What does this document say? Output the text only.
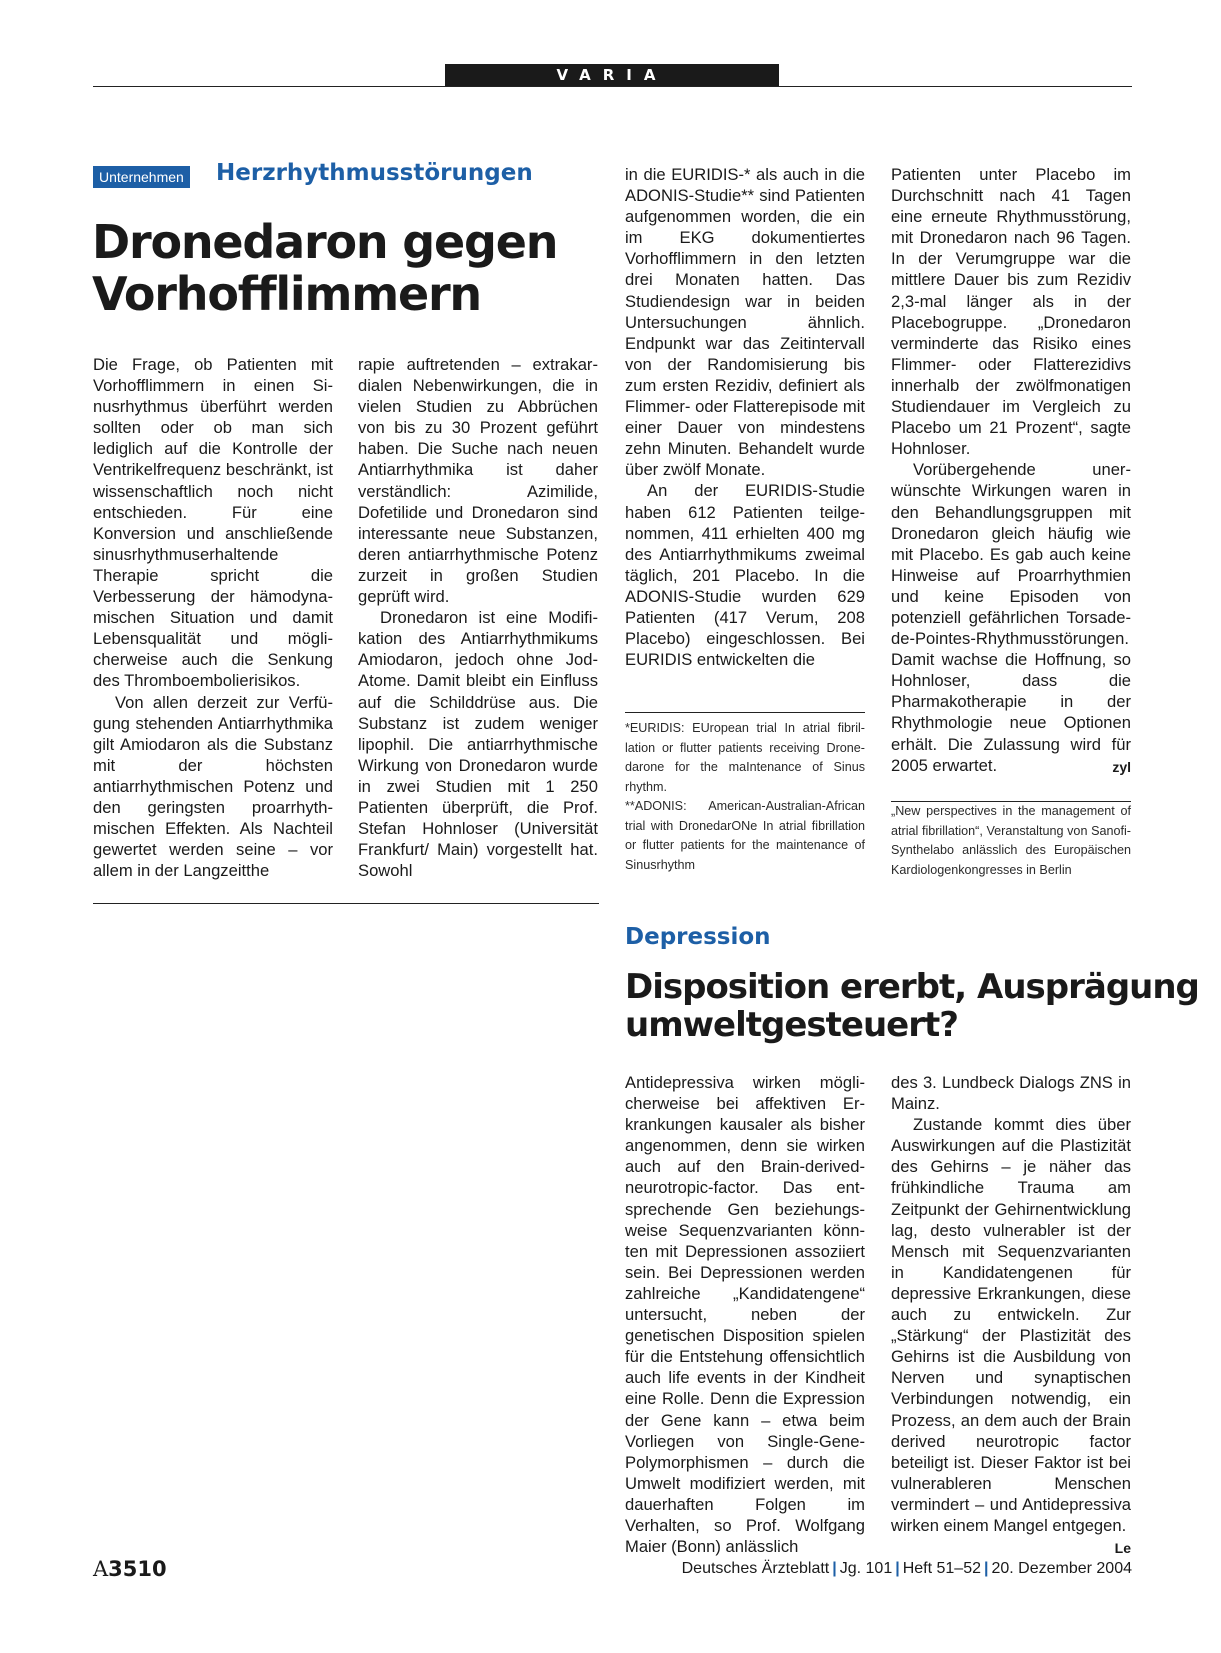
VARIA
Unternehmen Herzrhythmusstörungen
Dronedaron gegen
Vorhofflimmern

Die Frage, ob Patienten mit Vorhofflimmern in einen Sinusrhythmus überführt werden sollten oder ob man sich lediglich auf die Kontrolle der Ventrikelfrequenz beschränkt, ist wissenschaftlich noch nicht entschieden. Für eine Konversion und anschließende sinusrhythmuserhaltende Therapie spricht die Verbesserung der hämodynamischen Situation und damit Lebensqualität und möglicherweise auch die Senkung des Thromboembolierisikos.

Von allen derzeit zur Verfügung stehenden Antiarrhythmika gilt Amiodaron als die Substanz mit der höchsten antiarrhythmischen Potenz und den geringsten proarrhythmischen Effekten. Als Nachteil gewertet werden seine – vor allem in der Langzeitthe

rapie auftretenden – extrakardialen Nebenwirkungen, die in vielen Studien zu Abbrüchen von bis zu 30 Prozent geführt haben. Die Suche nach neuen Antiarrhythmika ist daher verständlich: Azimilide, Dofetilide und Dronedaron sind interessante neue Substanzen, deren antiarrhythmische Potenz zurzeit in großen Studien geprüft wird.

Dronedaron ist eine Modifikation des Antiarrhythmikums Amiodaron, jedoch ohne JodAtome. Damit bleibt ein Einfluss auf die Schilddrüse aus. Die Substanz ist zudem weniger lipophil. Die antiarrhythmische Wirkung von Dronedaron wurde in zwei Studien mit 1 250 Patienten überprüft, die Prof. Stefan Hohnloser (Universität Frankfurt/ Main) vorgestellt hat. Sowohl

in die EURIDIS-* als auch in die ADONIS-Studie** sind Patienten aufgenommen worden, die ein im EKG dokumentiertes Vorhofflimmern in den letzten drei Monaten hatten. Das Studiendesign war in beiden Untersuchungen ähnlich. Endpunkt war das Zeitintervall von der Randomisierung bis zum ersten Rezidiv, definiert als Flimmer- oder Flatterepisode mit einer Dauer von mindestens zehn Minuten. Behandelt wurde über zwölf Monate.

An der EURIDIS-Studie haben 612 Patienten teilgenommen, 411 erhielten 400 mg des Antiarrhythmikums zweimal täglich, 201 Placebo. In die ADONIS-Studie wurden 629 Patienten (417 Verum, 208 Placebo) eingeschlossen. Bei EURIDIS entwickelten die

Patienten unter Placebo im Durchschnitt nach 41 Tagen eine erneute Rhythmusstörung, mit Dronedaron nach 96 Tagen. In der Verumgruppe war die mittlere Dauer bis zum Rezidiv 2,3-mal länger als in der Placebogruppe. „Dronedaron verminderte das Risiko eines Flimmer- oder Flatterezidivs innerhalb der zwölfmonatigen Studiendauer im Vergleich zu Placebo um 21 Prozent“, sagte Hohnloser.

Vorübergehende unerwünschte Wirkungen waren in den Behandlungsgruppen mit Dronedaron gleich häufig wie mit Placebo. Es gab auch keine Hinweise auf Proarrhythmien und keine Episoden von potenziell gefährlichen Torsade-de-Pointes-Rhythmusstörungen. Damit wachse die Hoffnung, so Hohnloser, dass die Pharmakotherapie in der Rhythmologie neue Optionen erhält. Die Zulassung wird für 2005 erwartet.	zyl

*EURIDIS: EUropean trial In atrial fibrillation or flutter patients receiving Dronedarone for the maIntenance of Sinus rhythm.

**ADONIS: American-Australian-African trial with DronedarONe In atrial fibrillation or flutter patients for the maintenance of Sinusrhythm

„New perspectives in the management of atrial fibrillation“, Veranstaltung von Sanofi-Synthelabo anlässlich des Europäischen Kardiologenkongresses in Berlin
Depression
Disposition ererbt, Ausprägung
umweltgesteuert?

Antidepressiva wirken möglicherweise bei affektiven Erkrankungen kausaler als bisher angenommen, denn sie wirken auch auf den Brain-derivedneurotropic-factor. Das entsprechende Gen beziehungsweise Sequenzvarianten könnten mit Depressionen assoziiert sein. Bei Depressionen werden zahlreiche „Kandidatengene“ untersucht, neben der genetischen Disposition spielen für die Entstehung offensichtlich auch life events in der Kindheit eine Rolle. Denn die Expression der Gene kann – etwa beim Vorliegen von Single-Gene-Polymorphismen – durch die Umwelt modifiziert werden, mit dauerhaften Folgen im Verhalten, so Prof. Wolfgang Maier (Bonn) anlässlich

des 3. Lundbeck Dialogs ZNS in Mainz.

Zustande kommt dies über Auswirkungen auf die Plastizität des Gehirns – je näher das frühkindliche Trauma am Zeitpunkt der Gehirnentwicklung lag, desto vulnerabler ist der Mensch mit Sequenzvarianten in Kandidatengenen für depressive Erkrankungen, diese auch zu entwickeln. Zur „Stärkung“ der Plastizität des Gehirns ist die Ausbildung von Nerven und synaptischen Verbindungen notwendig, ein Prozess, an dem auch der Brain derived neurotropic factor beteiligt ist. Dieser Faktor ist bei vulnerableren Menschen vermindert – und Antidepressiva wirken einem Mangel entgegen.
Le

A3510	Deutsches Ärzteblatt | Jg. 101 | Heft 51–52 | 20. Dezember 2004
